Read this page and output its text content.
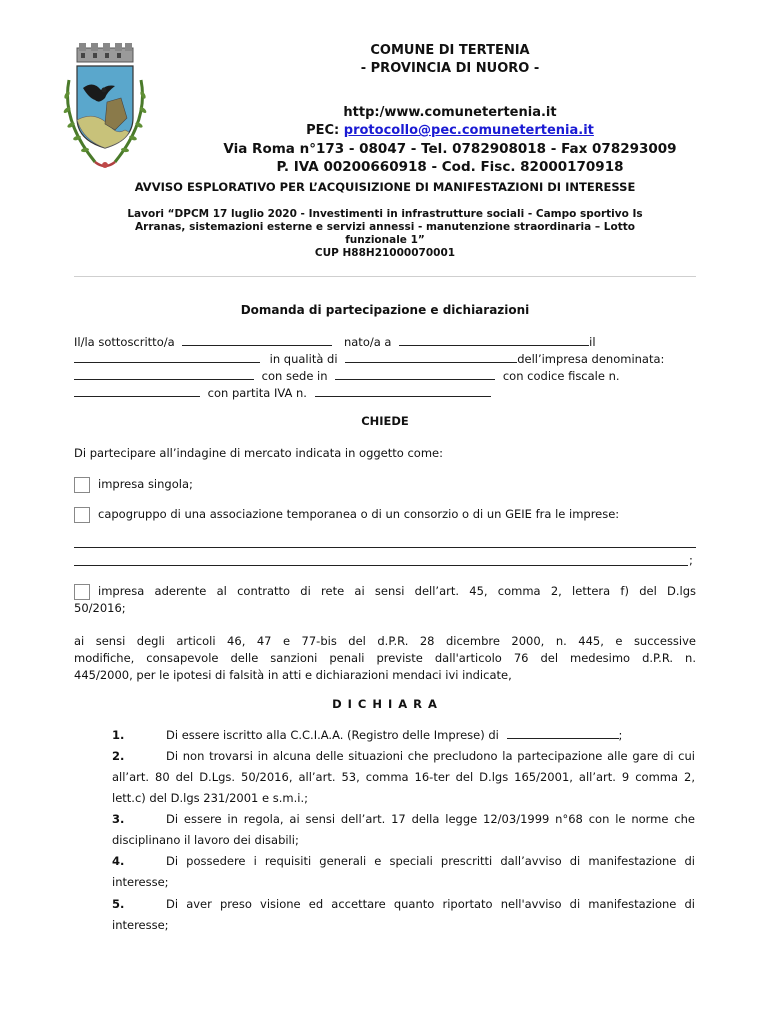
COMUNE DI TERTENIA
- PROVINCIA DI NUORO -
http:/www.comunetertenia.it
PEC: protocollo@pec.comunetertenia.it
Via Roma n°173 - 08047 - Tel. 0782908018 - Fax 078293009
P. IVA 00200660918 - Cod. Fisc. 82000170918
AVVISO ESPLORATIVO PER L’ACQUISIZIONE DI MANIFESTAZIONI DI INTERESSE
Lavori “DPCM 17 luglio 2020 - Investimenti in infrastrutture sociali - Campo sportivo Is
Arranas, sistemazioni esterne e servizi annessi - manutenzione straordinaria – Lotto
funzionale 1”
CUP H88H21000070001
Domanda di partecipazione e dichiarazioni
Il/la sottoscritto/a	nato/a a	il
in qualità di	dell’impresa denominata:
con sede in	con codice fiscale n.
con partita IVA n.
CHIEDE
Di partecipare all’indagine di mercato indicata in oggetto come:
impresa singola;
capogruppo di una associazione temporanea o di un consorzio o di un GEIE fra le imprese:
;
impresa aderente al contratto di rete ai sensi dell’art. 45, comma 2, lettera f) del D.lgs
50/2016;
ai sensi degli articoli 46, 47 e 77-bis del d.P.R. 28 dicembre 2000, n. 445, e successive
modifiche, consapevole delle sanzioni penali previste dall'articolo 76 del medesimo d.P.R. n.
445/2000, per le ipotesi di falsità in atti e dichiarazioni mendaci ivi indicate,
D I C H I A R A
1.	Di essere iscritto alla C.C.I.A.A. (Registro delle Imprese) di	;
2.	Di non trovarsi in alcuna delle situazioni che precludono la partecipazione alle gare di cui all’art. 80 del D.Lgs. 50/2016, all’art. 53, comma 16-ter del D.lgs 165/2001, all’art. 9 comma 2, lett.c) del D.lgs 231/2001 e s.m.i.;
3.	Di essere in regola, ai sensi dell’art. 17 della legge 12/03/1999 n°68 con le norme che disciplinano il lavoro dei disabili;
4.	Di possedere i requisiti generali e speciali prescritti dall’avviso di manifestazione di interesse;
5.	Di aver preso visione ed accettare quanto riportato nell'avviso di manifestazione di interesse;
